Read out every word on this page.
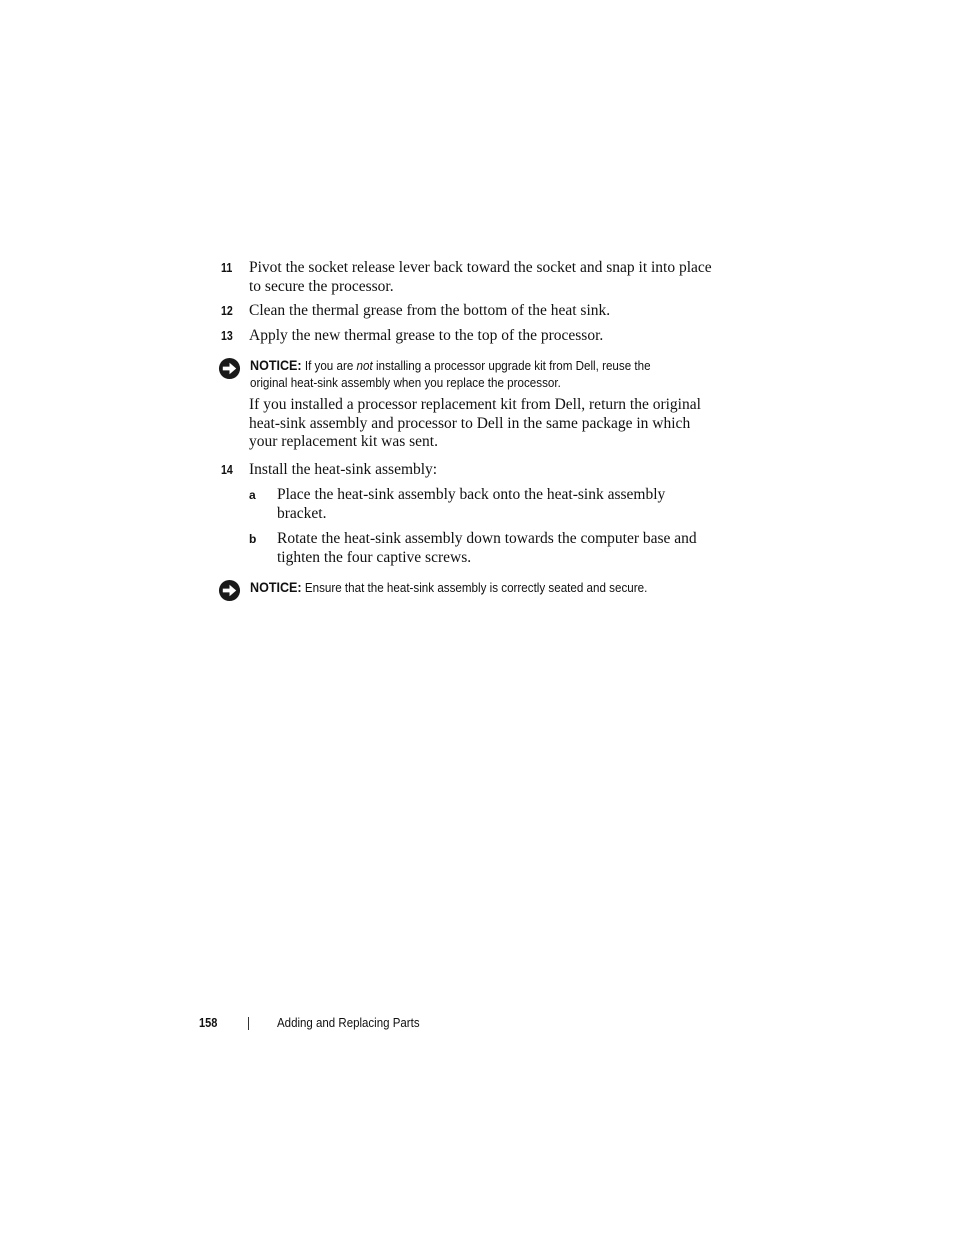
11 Pivot the socket release lever back toward the socket and snap it into place
to secure the processor.
12 Clean the thermal grease from the bottom of the heat sink.
13 Apply the new thermal grease to the top of the processor.
NOTICE: If you are not installing a processor upgrade kit from Dell, reuse the
original heat-sink assembly when you replace the processor.
If you installed a processor replacement kit from Dell, return the original
heat-sink assembly and processor to Dell in the same package in which
your replacement kit was sent.
14 Install the heat-sink assembly:
a Place the heat-sink assembly back onto the heat-sink assembly
bracket.
b Rotate the heat-sink assembly down towards the computer base and
tighten the four captive screws.
NOTICE: Ensure that the heat-sink assembly is correctly seated and secure.
158	Adding and Replacing Parts
